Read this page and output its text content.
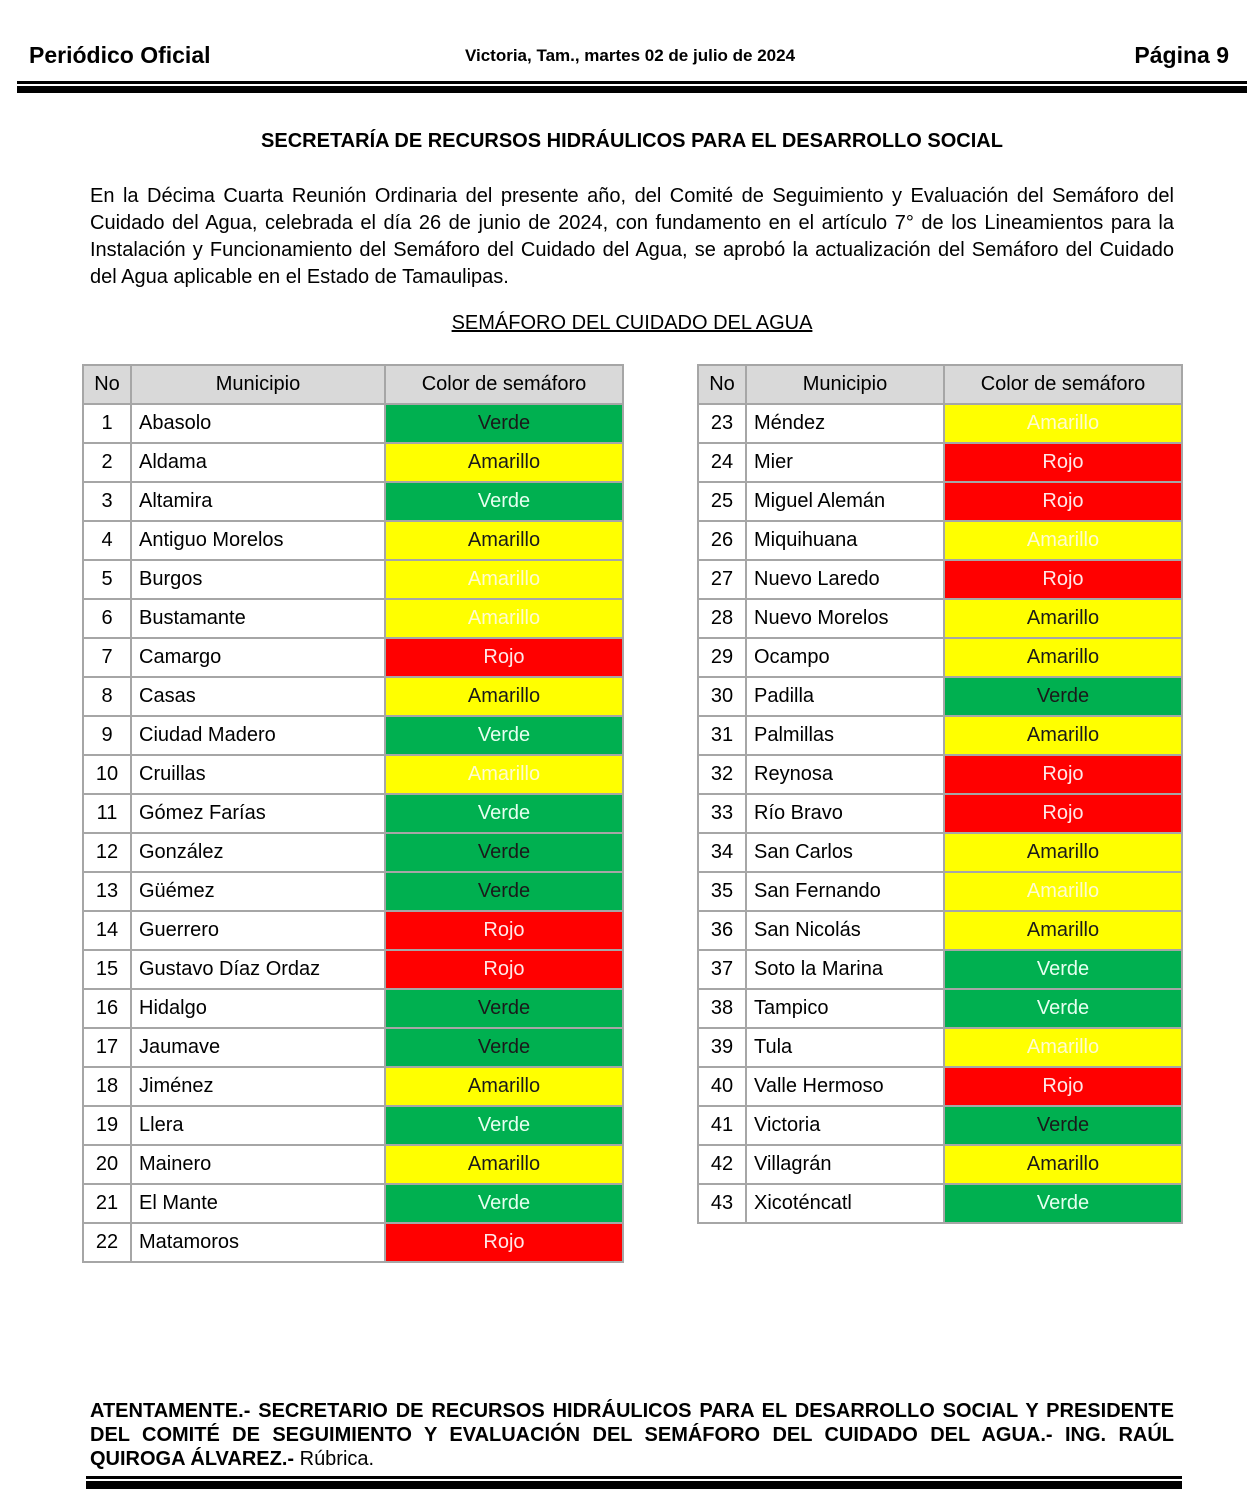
Periódico Oficial	Victoria, Tam., martes 02 de julio de 2024	Página 9
SECRETARÍA DE RECURSOS HIDRÁULICOS PARA EL DESARROLLO SOCIAL
En la Décima Cuarta Reunión Ordinaria del presente año, del Comité de Seguimiento y Evaluación del Semáforo del Cuidado del Agua, celebrada el día 26 de junio de 2024, con fundamento en el artículo 7° de los Lineamientos para la Instalación y Funcionamiento del Semáforo del Cuidado del Agua, se aprobó la actualización del Semáforo del Cuidado del Agua aplicable en el Estado de Tamaulipas.
SEMÁFORO DEL CUIDADO DEL AGUA
No	Municipio	Color de semáforo
1	Abasolo	Verde
2	Aldama	Amarillo
3	Altamira	Verde
4	Antiguo Morelos	Amarillo
5	Burgos	Amarillo
6	Bustamante	Amarillo
7	Camargo	Rojo
8	Casas	Amarillo
9	Ciudad Madero	Verde
10	Cruillas	Amarillo
11	Gómez Farías	Verde
12	González	Verde
13	Güémez	Verde
14	Guerrero	Rojo
15	Gustavo Díaz Ordaz	Rojo
16	Hidalgo	Verde
17	Jaumave	Verde
18	Jiménez	Amarillo
19	Llera	Verde
20	Mainero	Amarillo
21	El Mante	Verde
22	Matamoros	Rojo
No	Municipio	Color de semáforo
23	Méndez	Amarillo
24	Mier	Rojo
25	Miguel Alemán	Rojo
26	Miquihuana	Amarillo
27	Nuevo Laredo	Rojo
28	Nuevo Morelos	Amarillo
29	Ocampo	Amarillo
30	Padilla	Verde
31	Palmillas	Amarillo
32	Reynosa	Rojo
33	Río Bravo	Rojo
34	San Carlos	Amarillo
35	San Fernando	Amarillo
36	San Nicolás	Amarillo
37	Soto la Marina	Verde
38	Tampico	Verde
39	Tula	Amarillo
40	Valle Hermoso	Rojo
41	Victoria	Verde
42	Villagrán	Amarillo
43	Xicoténcatl	Verde
ATENTAMENTE.- SECRETARIO DE RECURSOS HIDRÁULICOS PARA EL DESARROLLO SOCIAL Y PRESIDENTE DEL COMITÉ DE SEGUIMIENTO Y EVALUACIÓN DEL SEMÁFORO DEL CUIDADO DEL AGUA.- ING. RAÚL QUIROGA ÁLVAREZ.- Rúbrica.
